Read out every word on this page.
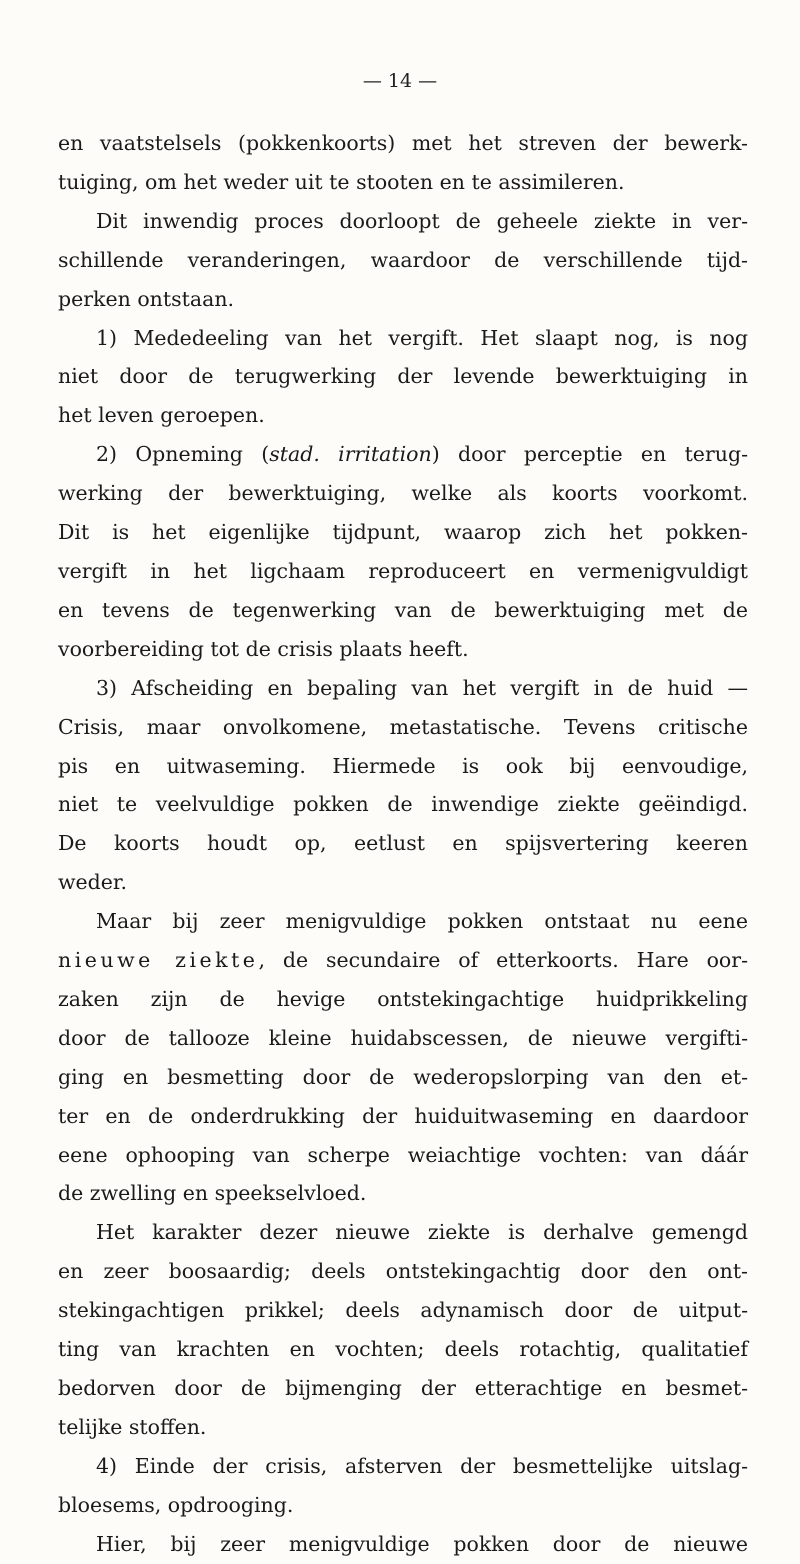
— 14 —
en vaatstelsels (pokkenkoorts) met het streven der bewerk-
tuiging, om het weder uit te stooten en te assimileren.
Dit inwendig proces doorloopt de geheele ziekte in ver-
schillende veranderingen, waardoor de verschillende tijd-
perken ontstaan.
1) Mededeeling van het vergift. Het slaapt nog, is nog
niet door de terugwerking der levende bewerktuiging in
het leven geroepen.
2) Opneming (stad. irritation) door perceptie en terug-
werking der bewerktuiging, welke als koorts voorkomt.
Dit is het eigenlijke tijdpunt, waarop zich het pokken-
vergift in het ligchaam reproduceert en vermenigvuldigt
en tevens de tegenwerking van de bewerktuiging met de
voorbereiding tot de crisis plaats heeft.
3) Afscheiding en bepaling van het vergift in de huid —
Crisis, maar onvolkomene, metastatische. Tevens critische
pis en uitwaseming. Hiermede is ook bij eenvoudige,
niet te veelvuldige pokken de inwendige ziekte geëindigd.
De koorts houdt op, eetlust en spijsvertering keeren
weder.
Maar bij zeer menigvuldige pokken ontstaat nu eene
nieuwe ziekte, de secundaire of etterkoorts. Hare oor-
zaken zijn de hevige ontstekingachtige huidprikkeling
door de tallooze kleine huidabscessen, de nieuwe vergifti-
ging en besmetting door de wederopslorping van den et-
ter en de onderdrukking der huiduitwaseming en daardoor
eene ophooping van scherpe weiachtige vochten: van dáár
de zwelling en speekselvloed.
Het karakter dezer nieuwe ziekte is derhalve gemengd
en zeer boosaardig; deels ontstekingachtig door den ont-
stekingachtigen prikkel; deels adynamisch door de uitput-
ting van krachten en vochten; deels rotachtig, qualitatief
bedorven door de bijmenging der etterachtige en besmet-
telijke stoffen.
4) Einde der crisis, afsterven der besmettelijke uitslag-
bloesems, opdrooging.
Hier, bij zeer menigvuldige pokken door de nieuwe
